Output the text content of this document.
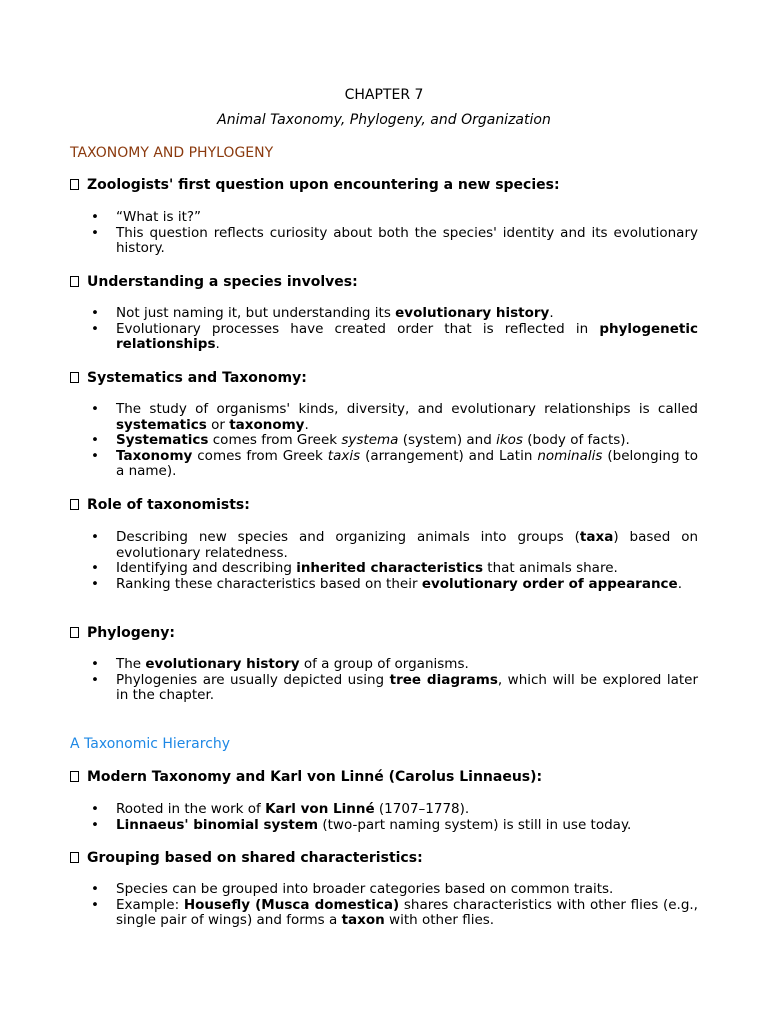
CHAPTER 7
Animal Taxonomy, Phylogeny, and Organization
TAXONOMY AND PHYLOGENY
Zoologists' first question upon encountering a new species:
• “What is it?”
• This question reflects curiosity about both the species' identity and its evolutionary history.
Understanding a species involves:
• Not just naming it, but understanding its evolutionary history.
• Evolutionary processes have created order that is reflected in phylogenetic relationships.
Systematics and Taxonomy:
• The study of organisms' kinds, diversity, and evolutionary relationships is called systematics or taxonomy.
• Systematics comes from Greek systema (system) and ikos (body of facts).
• Taxonomy comes from Greek taxis (arrangement) and Latin nominalis (belonging to a name).
Role of taxonomists:
• Describing new species and organizing animals into groups (taxa) based on evolutionary relatedness.
• Identifying and describing inherited characteristics that animals share.
• Ranking these characteristics based on their evolutionary order of appearance.
Phylogeny:
• The evolutionary history of a group of organisms.
• Phylogenies are usually depicted using tree diagrams, which will be explored later in the chapter.
A Taxonomic Hierarchy
Modern Taxonomy and Karl von Linné (Carolus Linnaeus):
• Rooted in the work of Karl von Linné (1707–1778).
• Linnaeus' binomial system (two-part naming system) is still in use today.
Grouping based on shared characteristics:
• Species can be grouped into broader categories based on common traits.
• Example: Housefly (Musca domestica) shares characteristics with other flies (e.g., single pair of wings) and forms a taxon with other flies.
